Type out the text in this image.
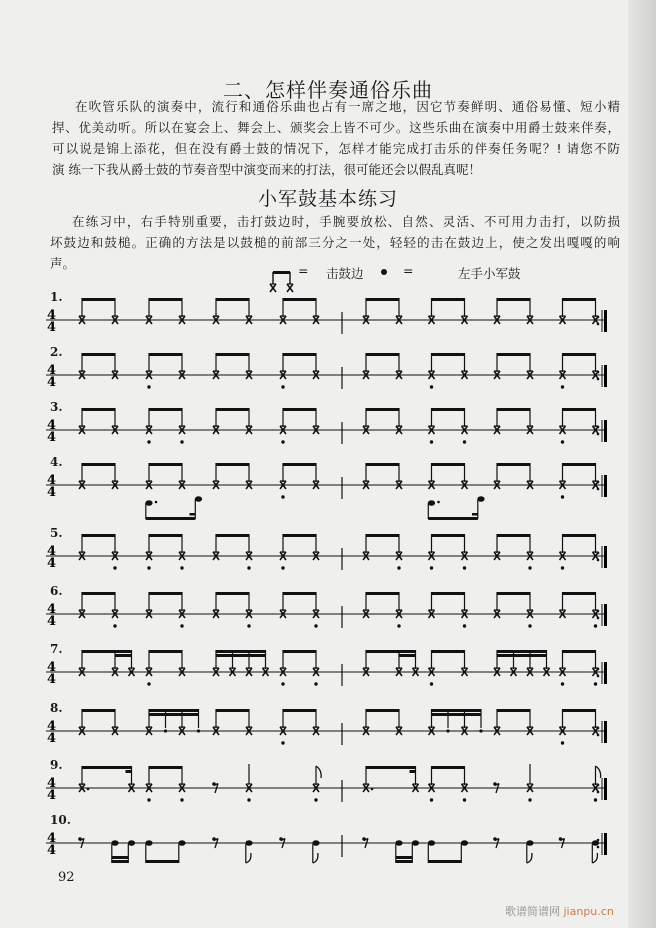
二、怎样伴奏通俗乐曲
在吹管乐队的演奏中，流行和通俗乐曲也占有一席之地，因它节奏鲜明、通俗易懂、短小精
捍、优美动听。所以在宴会上、舞会上、颁奖会上皆不可少。这些乐曲在演奏中用爵士鼓来伴奏，
可以说是锦上添花，但在没有爵士鼓的情况下，怎样才能完成打击乐的伴奏任务呢？! 请您不防
演 练一下我从爵士鼓的节奏音型中演变而来的打法，很可能还会以假乱真呢！
小军鼓基本练习
在练习中，右手特别重要，击打鼓边时，手腕要放松、自然、灵活、不可用力击打，以防损
坏鼓边和鼓槌。正确的方法是以鼓槌的前部三分之一处，轻轻的击在鼓边上，使之发出嘎嘎的响
声。	= 击鼓边	=	左手小军鼓
1.
2.
3.
4.
5.
6.
7.
8.
9.
10.
4
4
4
4
4
4
4
4
4
4
4
4
4
4
4
4
4
4
4
4
92
歌谱简谱网 jianpu.cn
